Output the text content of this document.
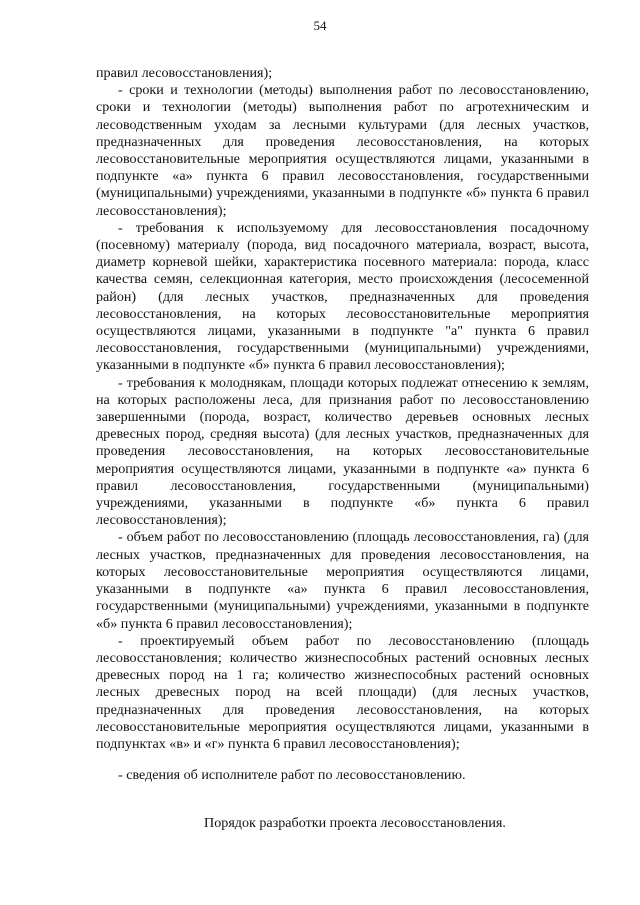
54

правил лесовосстановления);

- сроки и технологии (методы) выполнения работ по лесовосстановлению, сроки и технологии (методы) выполнения работ по агротехническим и лесоводственным уходам за лесными культурами (для лесных участков, предназначенных для проведения лесовосстановления, на которых лесовосстановительные мероприятия осуществляются лицами, указанными в подпункте «а» пункта 6 правил лесовосстановления, государственными (муниципальными) учреждениями, указанными в подпункте «б» пункта 6 правил лесовосстановления);

- требования к используемому для лесовосстановления посадочному (посевному) материалу (порода, вид посадочного материала, возраст, высота, диаметр корневой шейки, характеристика посевного материала: порода, класс качества семян, селекционная категория, место происхождения (лесосеменной район) (для лесных участков, предназначенных для проведения лесовосстановления, на которых лесовосстановительные мероприятия осуществляются лицами, указанными в подпункте "а" пункта 6 правил лесовосстановления, государственными (муниципальными) учреждениями, указанными в подпункте «б» пункта 6 правил лесовосстановления);

- требования к молоднякам, площади которых подлежат отнесению к землям, на которых расположены леса, для признания работ по лесовосстановлению завершенными (порода, возраст, количество деревьев основных лесных древесных пород, средняя высота) (для лесных участков, предназначенных для проведения лесовосстановления, на которых лесовосстановительные мероприятия осуществляются лицами, указанными в подпункте «а» пункта 6 правил лесовосстановления, государственными (муниципальными) учреждениями, указанными в подпункте «б» пункта 6 правил лесовосстановления);

- объем работ по лесовосстановлению (площадь лесовосстановления, га) (для лесных участков, предназначенных для проведения лесовосстановления, на которых лесовосстановительные мероприятия осуществляются лицами, указанными в подпункте «а» пункта 6 правил лесовосстановления, государственными (муниципальными) учреждениями, указанными в подпункте «б» пункта 6 правил лесовосстановления);

- проектируемый объем работ по лесовосстановлению (площадь лесовосстановления; количество жизнеспособных растений основных лесных древесных пород на 1 га; количество жизнеспособных растений основных лесных древесных пород на всей площади) (для лесных участков, предназначенных для проведения лесовосстановления, на которых лесовосстановительные мероприятия осуществляются лицами, указанными в подпунктах «в» и «г» пункта 6 правил лесовосстановления);

- сведения об исполнителе работ по лесовосстановлению.

Порядок разработки проекта лесовосстановления.
